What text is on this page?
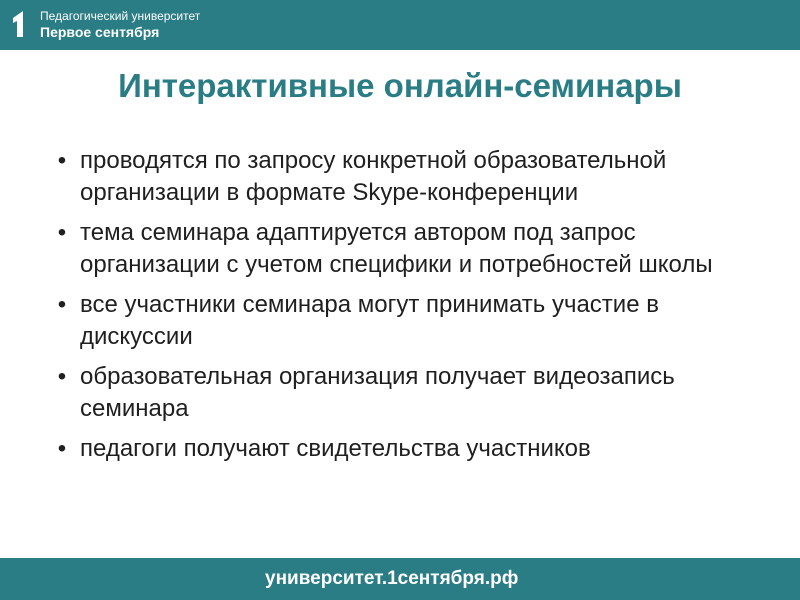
Педагогический университет
Первое сентября
Интерактивные онлайн-семинары
• проводятся по запросу конкретной образовательной организации в формате Skype-конференции
• тема семинара адаптируется автором под запрос организации с учетом специфики и потребностей школы
• все участники семинара могут принимать участие в дискуссии
• образовательная организация получает видеозапись семинара
• педагоги получают свидетельства участников
университет.1сентября.рф
